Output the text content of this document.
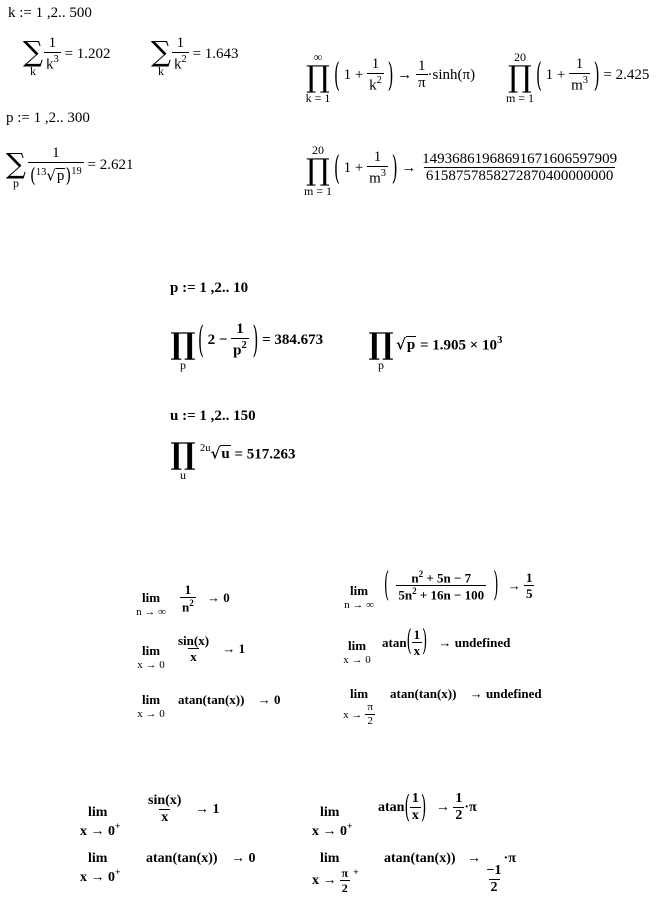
k := 1 ,2.. 500
∑
k $\frac{1}{k^3} = 1.202$ ∑
k $\frac{1}{k^2} = 1.643$	∞
∏
k = 1
( $1 + \frac{1}{k^2}$ ) → $\frac{1}{\pi} \cdot\sinh(\pi)$
20
∏
m = 1
( $1 + \frac{1}{m^3}$ ) = 2.425
p := 1 ,2.. 300
∑
p $\frac{1}{(^{13}√p)^{19}} = 2.621$
20
∏
m = 1
( $1 + \frac{1}{m^3}$ ) → $\frac{14936861968691671606597909}{6158757858272870400000000}$
p := 1 ,2.. 10
∏
p
( $2 - \frac{1}{p^2}$ ) = 384.673 ∏
p
$√p = 1.905 \times 10^3$
u := 1 ,2.. 150
∏
u
$^{2u}$√u = 517.263
lim
n → ∞	$\frac{1}{n^2} \to 0$	lim
n → ∞ ( $\frac{n^2 + 5n - 7}{5n^2 + 16n - 100}$ ) → $\frac{1}{5}$
lim
x → 0
$\frac{\sin(x)}{x} \to 1$	lim
x → 0
$atan( \frac{1}{x}$ ) → undefined
lim
x → 0
atan(tan(x)) → 0	lim
$x \to \frac{\pi}{2}$
atan(tan(x)) → undefined
lim
x → 0+
$\frac{\sin(x)}{x} \to 1$	lim
x → 0+
$atan( \frac{1}{x}$ ) → $\frac{1}{2} \cdot\pi$
lim
x → 0+
atan(tan(x)) → 0	lim
$x \to \frac{\pi}{2}$ +
atan(tan(x)) →
$\frac{-1}{2}$
·π
